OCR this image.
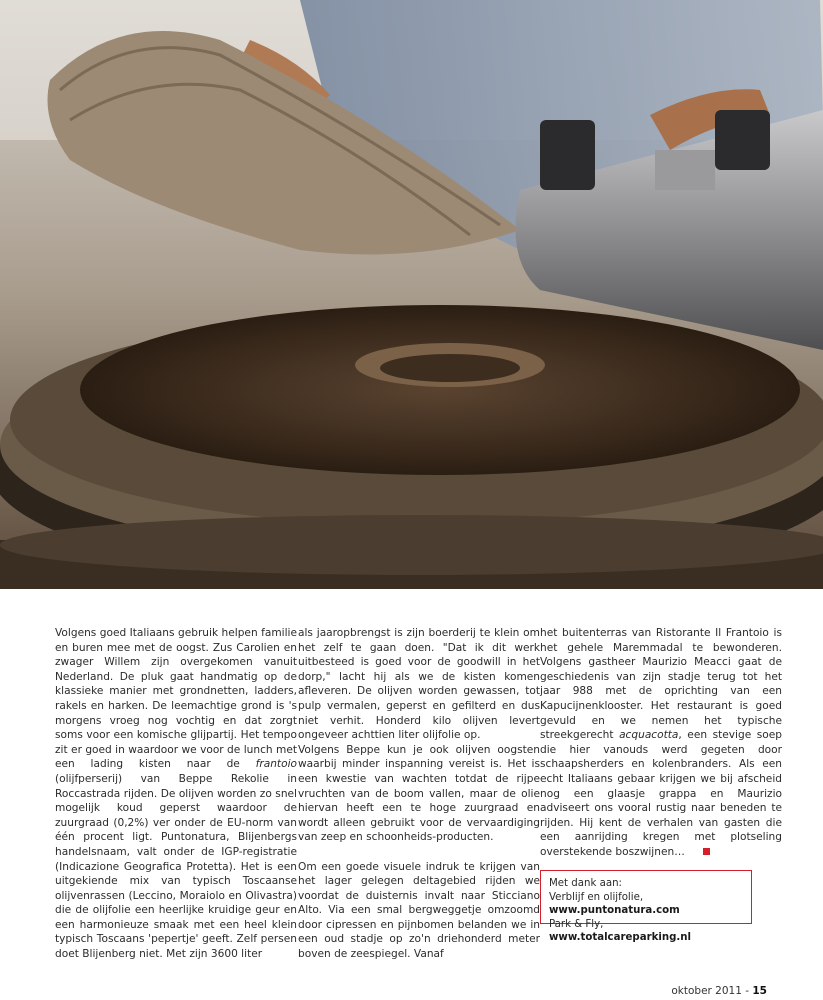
Volgens goed Italiaans gebruik helpen familie en buren mee met de oogst. Zus Carolien en zwager Willem zijn overgekomen vanuit Nederland. De pluk gaat handmatig op de klassieke manier met grondnetten, ladders, rakels en harken. De leemachtige grond is 's morgens vroeg nog vochtig en dat zorgt soms voor een komische glijpartij. Het tempo zit er goed in waardoor we voor de lunch met een lading kisten naar de frantoio (olijfperserij) van Beppe Rekolie in Roccastrada rijden. De olijven worden zo snel mogelijk koud geperst waardoor de zuurgraad (0,2%) ver onder de EU-norm van één procent ligt. Puntonatura, Blijenbergs handelsnaam, valt onder de IGP-registratie (Indicazione Geografica Protetta). Het is een uitgekiende mix van typisch Toscaanse olijvenrassen (Leccino, Moraiolo en Olivastra) die de olijfolie een heerlijke kruidige geur en een harmonieuze smaak met een heel klein typisch Toscaans 'pepertje' geeft. Zelf persen doet Blijenberg niet. Met zijn 3600 liter

als jaaropbrengst is zijn boerderij te klein om het zelf te gaan doen. "Dat ik dit werk uitbesteed is goed voor de goodwill in het dorp," lacht hij als we de kisten komen afleveren. De olijven worden gewassen, tot pulp vermalen, geperst en gefilterd en dus niet verhit. Honderd kilo olijven levert ongeveer achttien liter olijfolie op.

Volgens Beppe kun je ook olijven oogsten waarbij minder inspanning vereist is. Het is een kwestie van wachten totdat de rijpe vruchten van de boom vallen, maar de olie hiervan heeft een te hoge zuurgraad en wordt alleen gebruikt voor de vervaardiging van zeep en schoonheids-producten.

Om een goede visuele indruk te krijgen van het lager gelegen deltagebied rijden we voordat de duisternis invalt naar Sticciano Alto. Via een smal bergweggetje omzoomd door cipressen en pijnbomen belanden we in een oud stadje op zo'n driehonderd meter boven de zeespiegel. Vanaf

het buitenterras van Ristorante Il Frantoio is het gehele Maremmadal te bewonderen. Volgens gastheer Maurizio Meacci gaat de geschiedenis van zijn stadje terug tot het jaar 988 met de oprichting van een Kapucijnenklooster. Het restaurant is goed gevuld en we nemen het typische streekgerecht acquacotta, een stevige soep die hier vanouds werd gegeten door schaapsherders en kolenbranders. Als een echt Italiaans gebaar krijgen we bij afscheid nog een glaasje grappa en Maurizio adviseert ons vooral rustig naar beneden te rijden. Hij kent de verhalen van gasten die een aanrijding kregen met plotseling overstekende boszwijnen…

Met dank aan:
Verblijf en olijfolie, www.puntonatura.com
Park & Fly, www.totalcareparking.nl
oktober 2011 - 15
